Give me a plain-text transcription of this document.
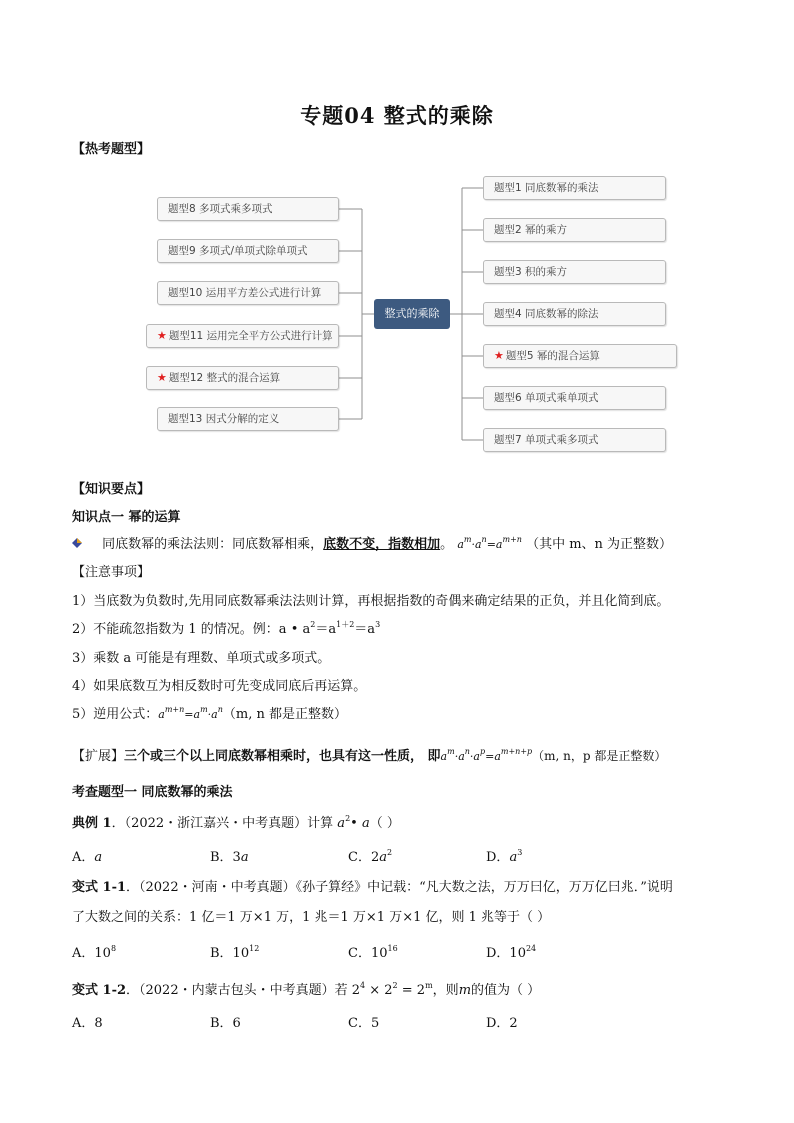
专题04 整式的乘除
【热考题型】
整式的乘除
题型8 多项式乘多项式
题型9 多项式/单项式除单项式
题型10 运用平方差公式进行计算
★ 题型11 运用完全平方公式进行计算
★ 题型12 整式的混合运算
题型13 因式分解的定义
题型1 同底数幂的乘法
题型2 幂的乘方
题型3 积的乘方
题型4 同底数幂的除法
★ 题型5 幂的混合运算
题型6 单项式乘单项式
题型7 单项式乘多项式
【知识要点】
知识点一 幂的运算
同底数幂的乘法法则：同底数幂相乘，底数不变，指数相加。 $a^m\cdot a^n=a^{m+n}$ （其中 m、n 为正整数）
【注意事项】
1）当底数为负数时,先用同底数幂乘法法则计算，再根据指数的奇偶来确定结果的正负，并且化简到底。
2）不能疏忽指数为 1 的情况。例：a • $a^2=a^{1+2}=a^3$
3）乘数 a 可能是有理数、单项式或多项式。
4）如果底数互为相反数时可先变成同底后再运算。
5）逆用公式：$a^{m+n}=a^m\cdot a^n(m$, n 都是正整数）
【扩展】三个或三个以上同底数幂相乘时，也具有这一性质， 即$a^m\cdot a^n\cdot a^p=a^{m+n+p}(m$, n，p 都是正整数）
考查题型一 同底数幂的乘法
典例 1．（2022・浙江嘉兴・中考真题）计算 $a^2•$ a（ ）
A．a	B．3a	C．$2a^2$	D．$a^3$
变式 1-1．（2022・河南・中考真题）《孙子算经》中记载：“凡大数之法，万万曰亿，万万亿曰兆．”说明
了大数之间的关系：1 亿＝1 万×1 万，1 兆＝1 万×1 万×1 亿，则 1 兆等于（ ）
A．$10^8$	B．$10^{12}$	C．$10^{16}$	D．$10^{24}$
变式 1-2．（2022・内蒙古包头・中考真题）若 $2^4 \times 2^2 = 2^m$，则m的值为（ ）
A．8	B．6	C．5	D．2
